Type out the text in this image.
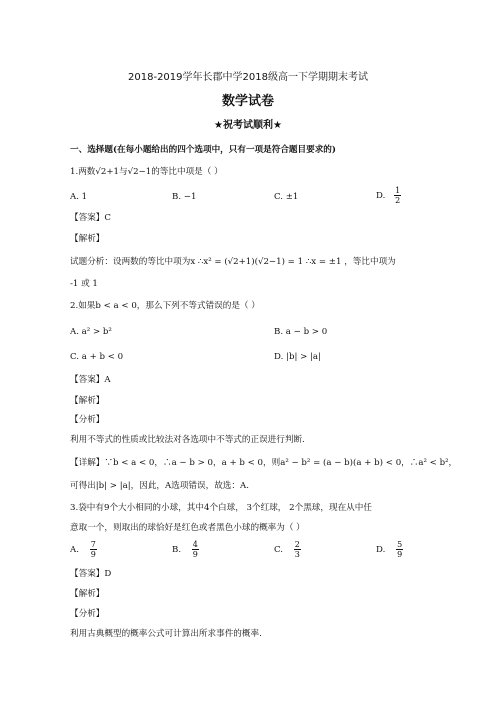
2018-2019学年长郡中学2018级高一下学期期末考试
数学试卷
★祝考试顺利★
一、选择题(在每小题给出的四个选项中，只有一项是符合题目要求的)
1.两数√2+1与√2−1的等比中项是（ ）
A. 1	B. −1	C. ±1	D. $\frac{1}{2}$
【答案】C
【解析】
试题分析：设两数的等比中项为x ∴x² = (√2+1)(√2−1) = 1 ∴x = ±1 ，等比中项为
-1 或 1
2.如果b < a < 0，那么下列不等式错误的是（ ）
A. a² > b²	B. a − b > 0
C. a + b < 0	D. |b| > |a|
【答案】A
【解析】
【分析】
利用不等式的性质或比较法对各选项中不等式的正误进行判断.
【详解】∵b < a < 0，∴a − b > 0，a + b < 0，则a² − b² = (a − b)(a + b) < 0，∴a² < b²，
可得出|b| > |a|，因此，A选项错误，故选：A.
3.袋中有9个大小相同的小球，其中4个白球， 3个红球， 2个黑球，现在从中任
意取一个，则取出的球恰好是红色或者黑色小球的概率为（ ）
A. $\frac{7}{9}$	B. $\frac{4}{9}$	C. $\frac{2}{3}$	D. $\frac{5}{9}$
【答案】D
【解析】
【分析】
利用古典概型的概率公式可计算出所求事件的概率.
